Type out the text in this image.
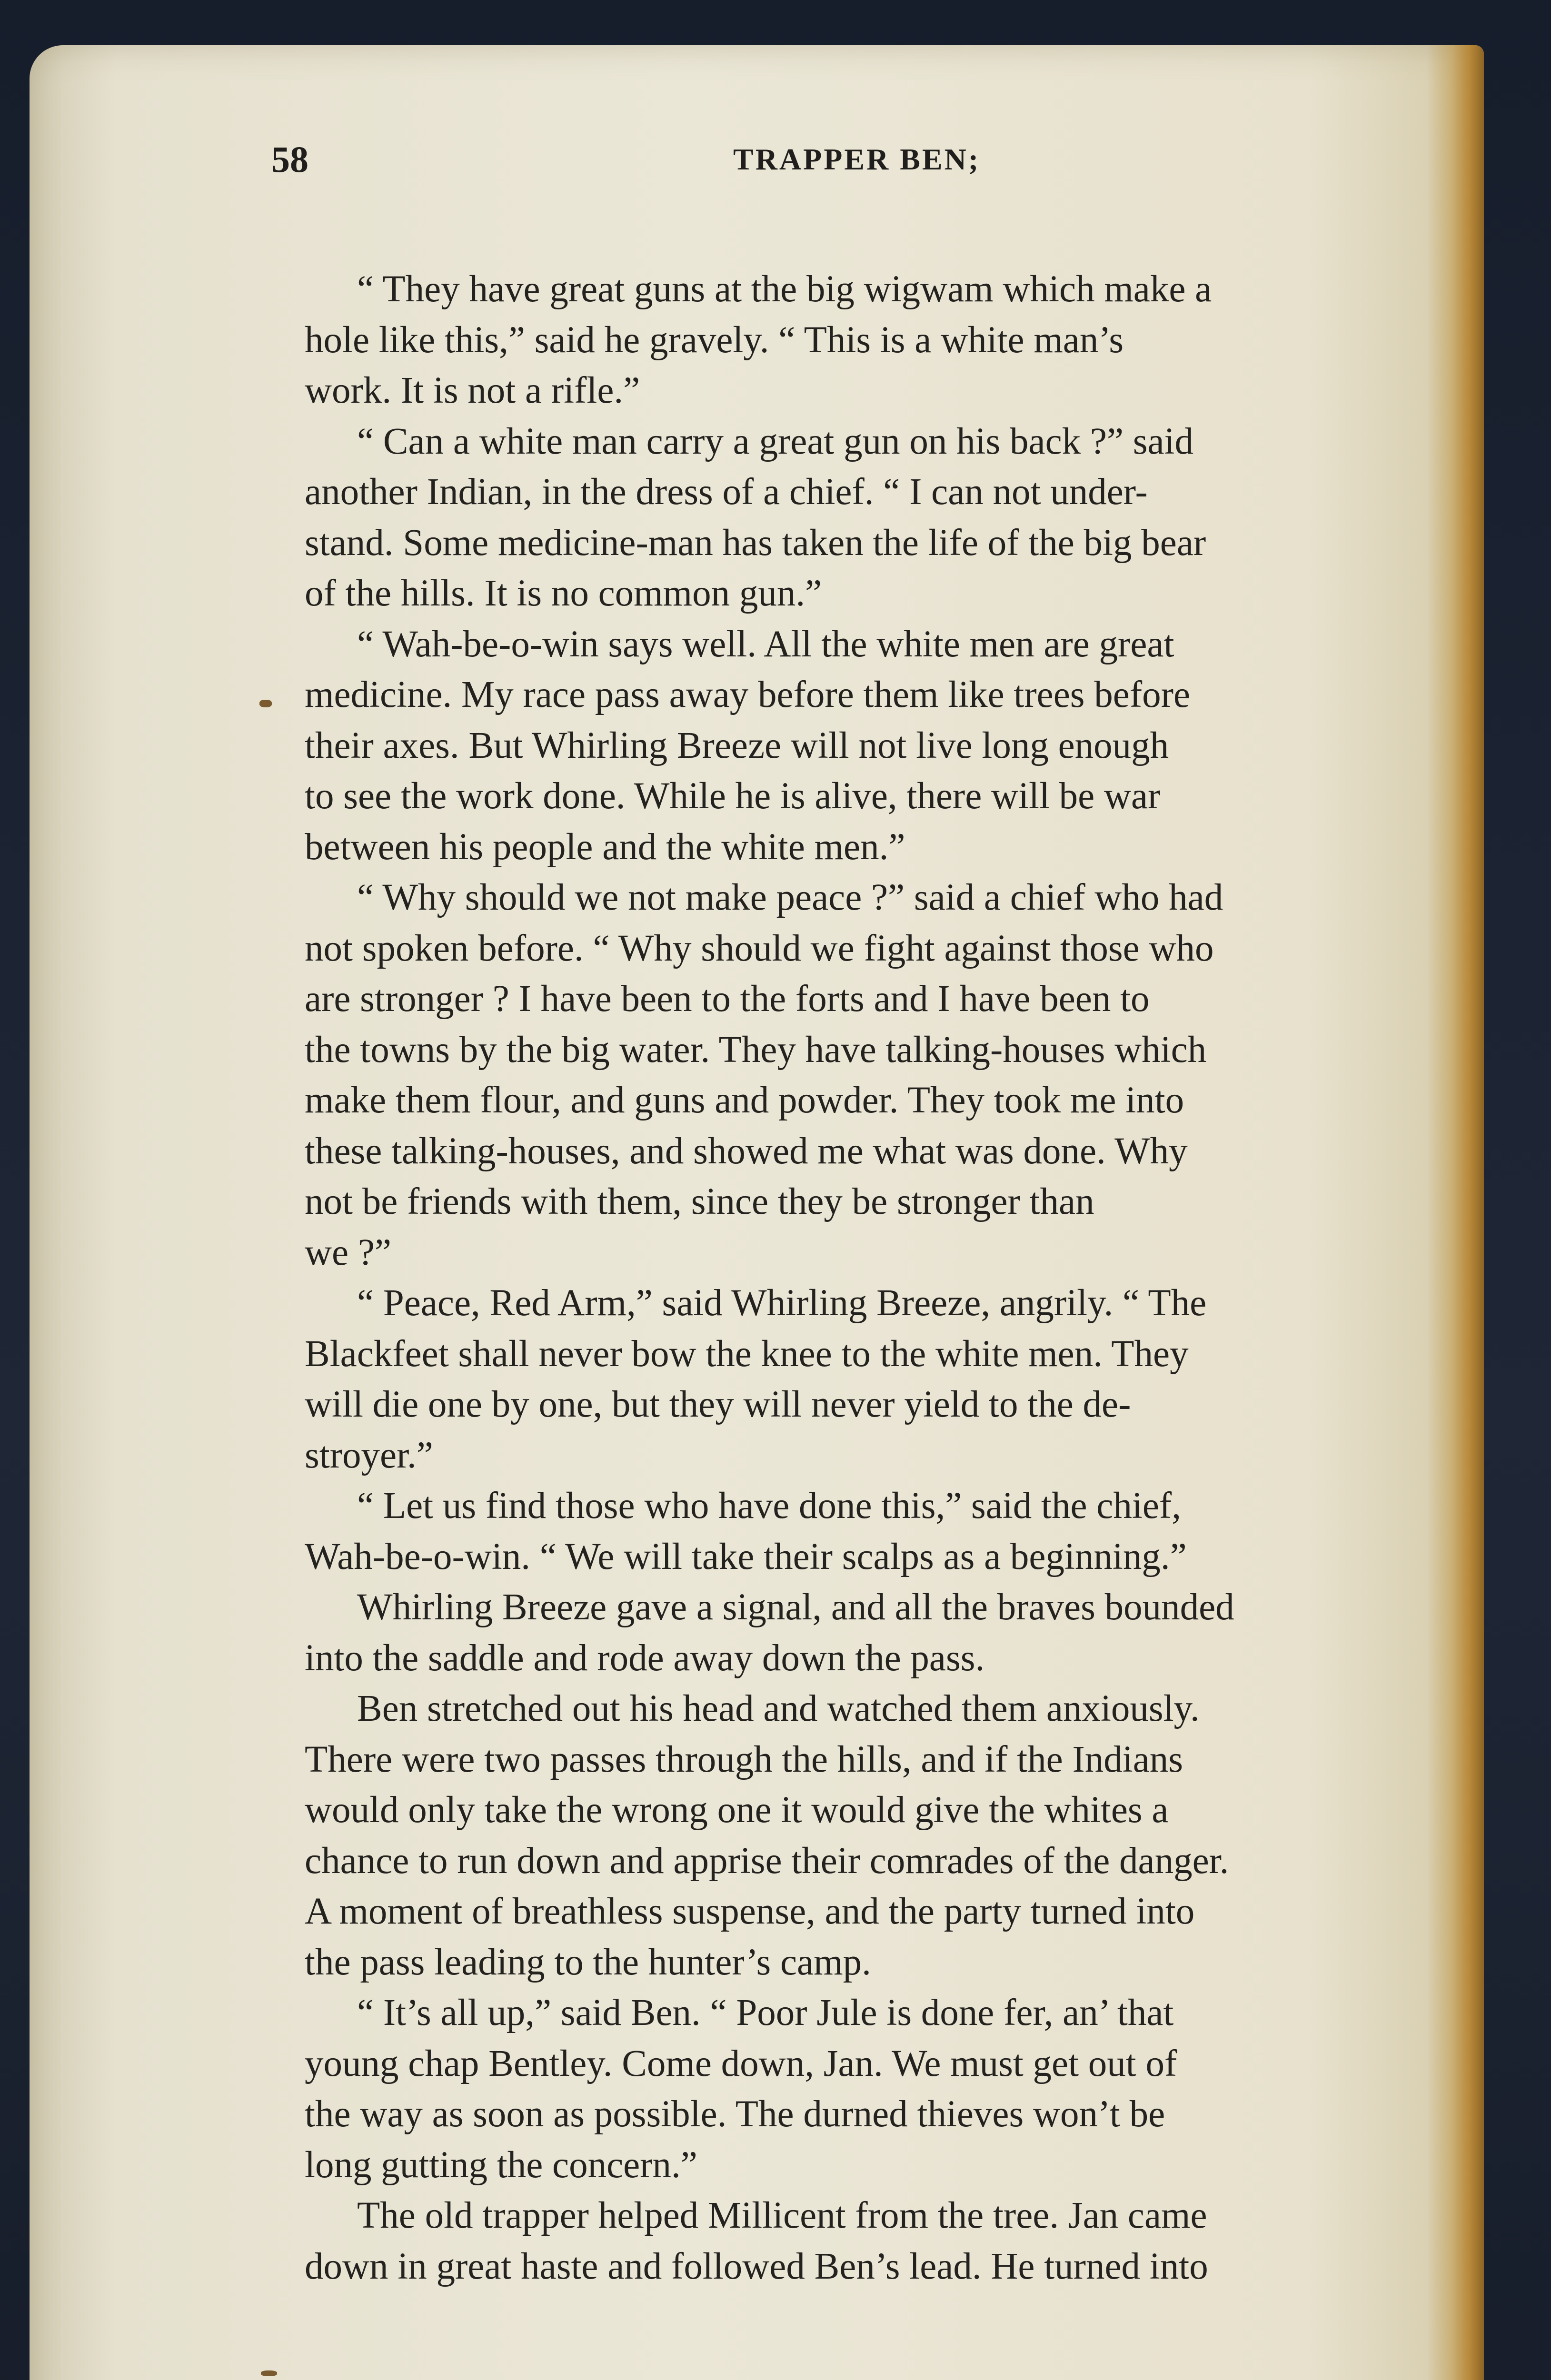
58	TRAPPER BEN;
“ They have great guns at the big wigwam which make a
hole like this,” said he gravely. “ This is a white man’s
work. It is not a rifle.”
“ Can a white man carry a great gun on his back ?” said
another Indian, in the dress of a chief. “ I can not under-
stand. Some medicine-man has taken the life of the big bear
of the hills. It is no common gun.”
“ Wah-be-o-win says well. All the white men are great
medicine. My race pass away before them like trees before
their axes. But Whirling Breeze will not live long enough
to see the work done. While he is alive, there will be war
between his people and the white men.”
“ Why should we not make peace ?” said a chief who had
not spoken before. “ Why should we fight against those who
are stronger ? I have been to the forts and I have been to
the towns by the big water. They have talking-houses which
make them flour, and guns and powder. They took me into
these talking-houses, and showed me what was done. Why
not be friends with them, since they be stronger than
we ?”
“ Peace, Red Arm,” said Whirling Breeze, angrily. “ The
Blackfeet shall never bow the knee to the white men. They
will die one by one, but they will never yield to the de-
stroyer.”
“ Let us find those who have done this,” said the chief,
Wah-be-o-win. “ We will take their scalps as a beginning.”
Whirling Breeze gave a signal, and all the braves bounded
into the saddle and rode away down the pass.
Ben stretched out his head and watched them anxiously.
There were two passes through the hills, and if the Indians
would only take the wrong one it would give the whites a
chance to run down and apprise their comrades of the danger.
A moment of breathless suspense, and the party turned into
the pass leading to the hunter’s camp.
“ It’s all up,” said Ben. “ Poor Jule is done fer, an’ that
young chap Bentley. Come down, Jan. We must get out of
the way as soon as possible. The durned thieves won’t be
long gutting the concern.”
The old trapper helped Millicent from the tree. Jan came
down in great haste and followed Ben’s lead. He turned into
